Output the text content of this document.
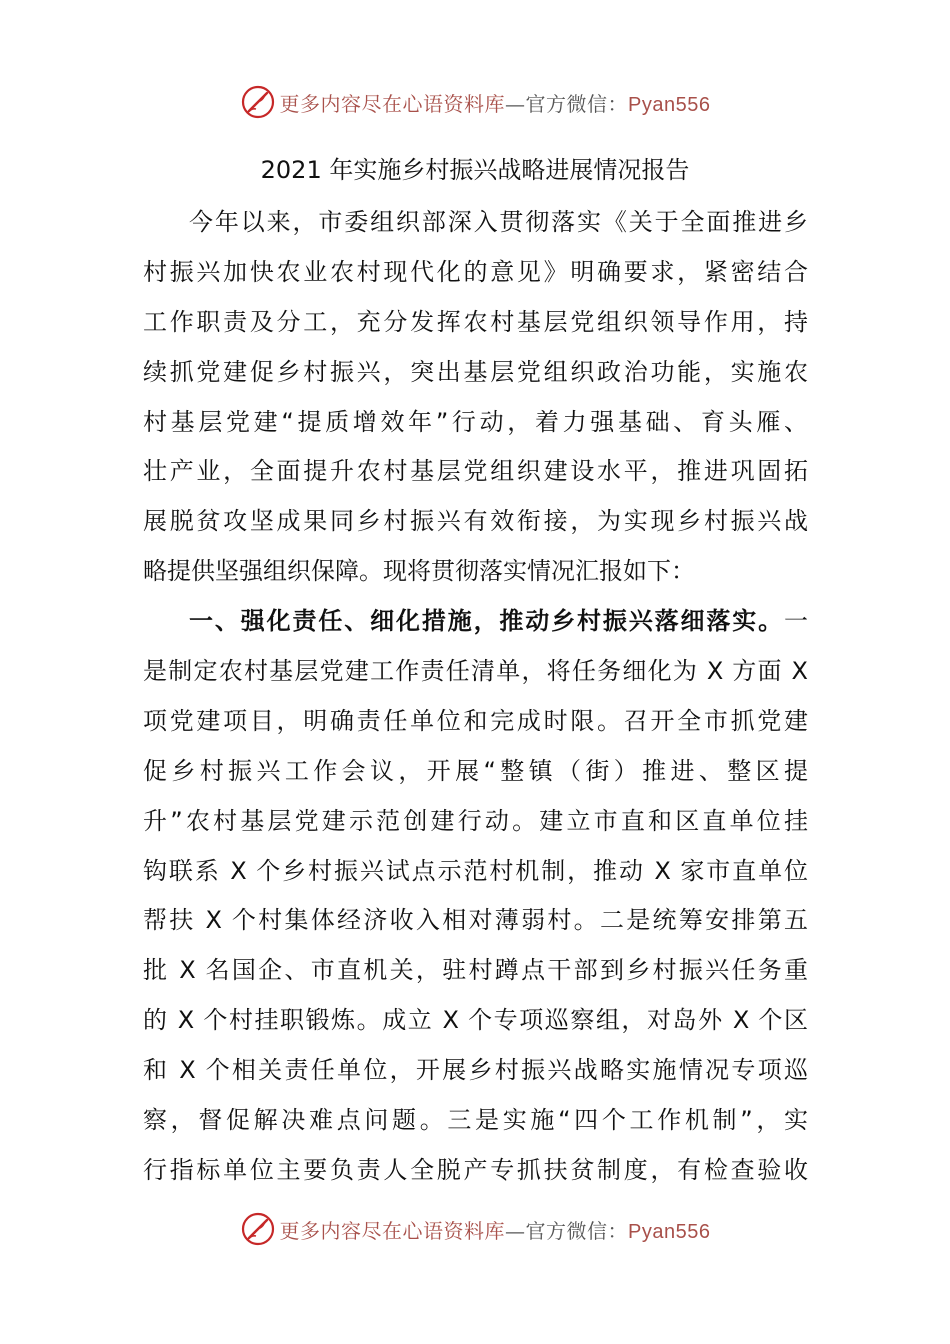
更多内容尽在心语资料库—官方微信：Pyan556
2021 年实施乡村振兴战略进展情况报告
今年以来，市委组织部深入贯彻落实《关于全面推进乡
村振兴加快农业农村现代化的意见》明确要求，紧密结合
工作职责及分工，充分发挥农村基层党组织领导作用，持
续抓党建促乡村振兴，突出基层党组织政治功能，实施农
村基层党建“提质增效年”行动，着力强基础、育头雁、
壮产业，全面提升农村基层党组织建设水平，推进巩固拓
展脱贫攻坚成果同乡村振兴有效衔接，为实现乡村振兴战
略提供坚强组织保障。现将贯彻落实情况汇报如下：
一、强化责任、细化措施，推动乡村振兴落细落实。一
是制定农村基层党建工作责任清单，将任务细化为 X 方面 X
项党建项目，明确责任单位和完成时限。召开全市抓党建
促乡村振兴工作会议，开展“整镇（街）推进、整区提
升”农村基层党建示范创建行动。建立市直和区直单位挂
钩联系 X 个乡村振兴试点示范村机制，推动 X 家市直单位
帮扶 X 个村集体经济收入相对薄弱村。二是统筹安排第五
批 X 名国企、市直机关，驻村蹲点干部到乡村振兴任务重
的 X 个村挂职锻炼。成立 X 个专项巡察组，对岛外 X 个区
和 X 个相关责任单位，开展乡村振兴战略实施情况专项巡
察，督促解决难点问题。三是实施“四个工作机制”，实
行指标单位主要负责人全脱产专抓扶贫制度，有检查验收
更多内容尽在心语资料库—官方微信：Pyan556
